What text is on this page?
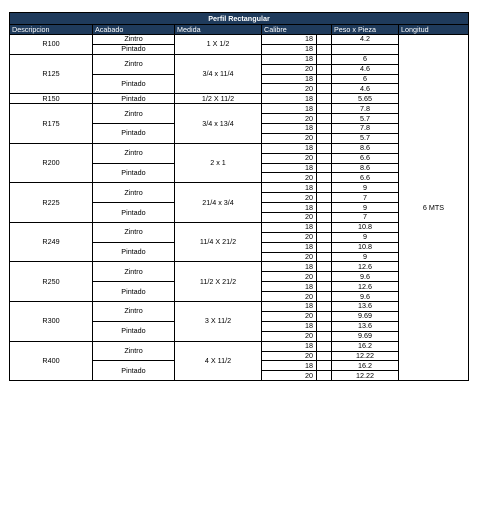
Perfil Rectangular						
Descripcion	Acabado	Medida	Calibre		Peso x Pieza	Longitud
R100	Zintro	1 X 1/2	18		4.2	6 MTS
	Pintado		18			
R125	Zintro	3/4 x 11/4	18		6	
			20		4.6	
	Pintado		18		6	
			20		4.6	
R150	Pintado	1/2 X 11/2	18		5.65	
R175	Zintro	3/4 x 13/4	18		7.8	
			20		5.7	
	Pintado		18		7.8	
			20		5.7	
R200	Zintro	2 x 1	18		8.6	
			20		6.6	
	Pintado		18		8.6	
			20		6.6	
R225	Zintro	21/4 x 3/4	18		9	
			20		7	
	Pintado		18		9	
			20		7	
R249	Zintro	11/4 X 21/2	18		10.8	
			20		9	
	Pintado		18		10.8	
			20		9	
R250	Zintro	11/2 X 21/2	18		12.6	
			20		9.6	
	Pintado		18		12.6	
			20		9.6	
R300	Zintro	3 X 11/2	18		13.6	
			20		9.69	
	Pintado		18		13.6	
			20		9.69	
R400	Zintro	4 X 11/2	18		16.2	
			20		12.22	
	Pintado		18		16.2	
			20		12.22	
